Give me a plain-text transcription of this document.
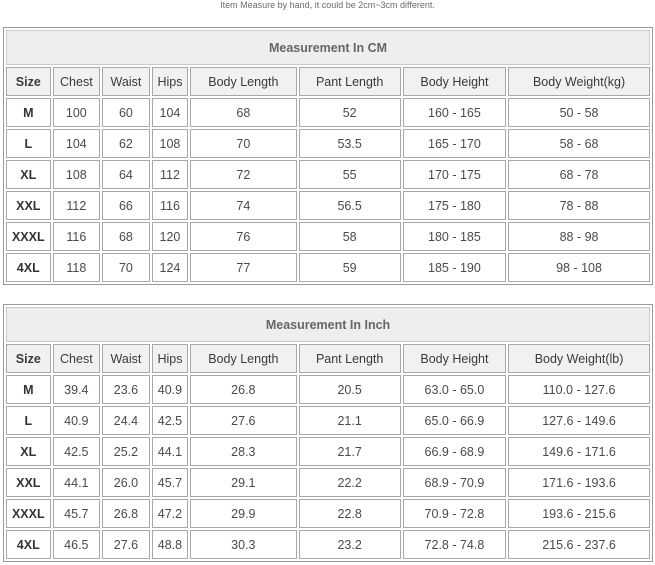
Item Measure by hand, it could be 2cm~3cm different.
Measurement In CM							
Size	Chest	Waist	Hips	Body Length	Pant Length	Body Height	Body Weight(kg)
M	100	60	104	68	52	160 - 165	50 - 58
L	104	62	108	70	53.5	165 - 170	58 - 68
XL	108	64	112	72	55	170 - 175	68 - 78
XXL	112	66	116	74	56.5	175 - 180	78 - 88
XXXL	116	68	120	76	58	180 - 185	88 - 98
4XL	118	70	124	77	59	185 - 190	98 - 108
Measurement In Inch							
Size	Chest	Waist	Hips	Body Length	Pant Length	Body Height	Body Weight(lb)
M	39.4	23.6	40.9	26.8	20.5	63.0 - 65.0	110.0 - 127.6
L	40.9	24.4	42.5	27.6	21.1	65.0 - 66.9	127.6 - 149.6
XL	42.5	25.2	44.1	28.3	21.7	66.9 - 68.9	149.6 - 171.6
XXL	44.1	26.0	45.7	29.1	22.2	68.9 - 70.9	171.6 - 193.6
XXXL	45.7	26.8	47.2	29.9	22.8	70.9 - 72.8	193.6 - 215.6
4XL	46.5	27.6	48.8	30.3	23.2	72.8 - 74.8	215.6 - 237.6
